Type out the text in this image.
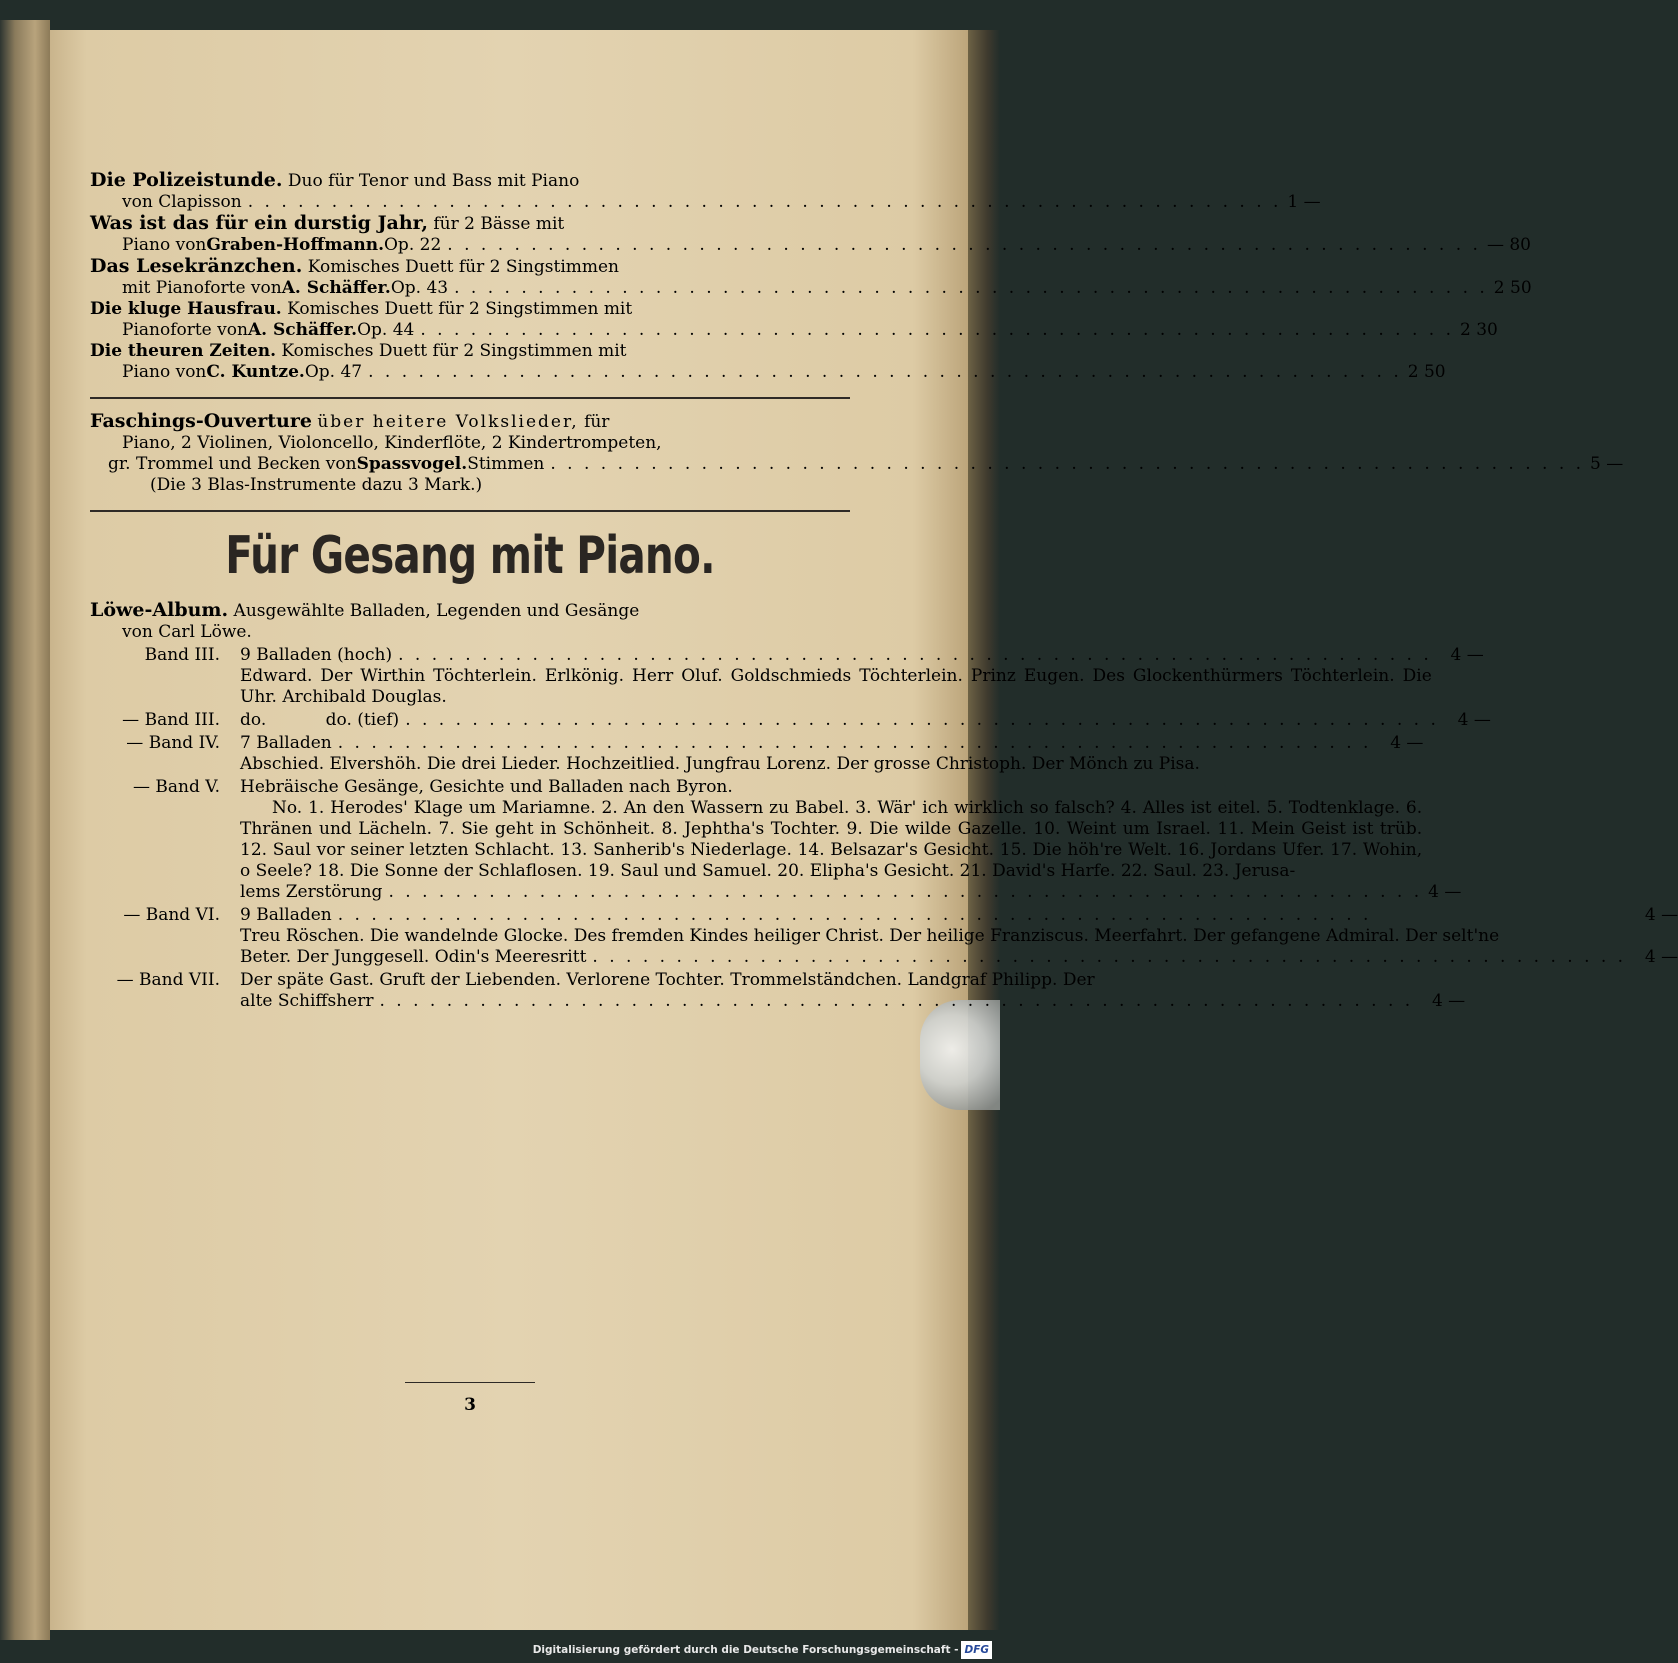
Die Polizeistunde.
Duo für Tenor und Bass mit Piano
von Clapisson . . .	1 —
Was ist das für ein durstig Jahr,
für 2 Bässe mit
Piano von Graben-Hoffmann. Op. 22 . . .	— 80
Das Lesekränzchen.
Komisches Duett für 2 Singstimmen
mit Pianoforte von A. Schäffer. Op. 43 . . .	2 50
Die kluge Hausfrau.
Komisches Duett für 2 Singstimmen mit
Pianoforte von A. Schäffer. Op. 44 . . .	2 30
Die theuren Zeiten.
Komisches Duett für 2 Singstimmen mit
Piano von C. Kuntze. Op. 47 . . .	2 50
Faschings-Ouverture
über heitere Volkslieder,
für
Piano, 2 Violinen, Violoncello, Kinderflöte, 2 Kindertrompeten,
gr. Trommel und Becken von Spassvogel. Stimmen . . .	5 —
(Die 3 Blas-Instrumente dazu 3 Mark.)
Für Gesang mit Piano.
Löwe-Album.
Ausgewählte Balladen, Legenden und Gesänge
von Carl Löwe.
Band III.	9 Balladen (hoch) . . .	4 —
Edward. Der Wirthin Töchterlein. Erlkönig. Herr Oluf. Goldschmieds Töchterlein. Prinz Eugen. Des Glockenthürmers Töchterlein. Die Uhr. Archibald Douglas.
— Band III.	do.           do. (tief) . . .	4 —
— Band IV.	7 Balladen . . .	4 —
Abschied. Elvershöh. Die drei Lieder. Hochzeitlied. Jungfrau Lorenz. Der grosse Christoph. Der Mönch zu Pisa.
— Band V.	Hebräische Gesänge, Gesichte und Balladen nach Byron.
No. 1. Herodes' Klage um Mariamne. 2. An den Wassern zu Babel. 3. Wär' ich wirklich so falsch? 4. Alles ist eitel. 5. Todtenklage. 6. Thränen und Lächeln. 7. Sie geht in Schönheit. 8. Jephtha's Tochter. 9. Die wilde Gazelle. 10. Weint um Israel. 11. Mein Geist ist trüb. 12. Saul vor seiner letzten Schlacht. 13. Sanherib's Niederlage. 14. Belsazar's Gesicht. 15. Die höh're Welt. 16. Jordans Ufer. 17. Wohin, o Seele? 18. Die Sonne der Schlaflosen. 19. Saul und Samuel. 20. Elipha's Gesicht. 21. David's Harfe. 22. Saul. 23. Jerusa-
lems Zerstörung . . .	4 —
— Band VI.	9 Balladen . . .	4 —
Treu Röschen. Die wandelnde Glocke. Des fremden Kindes heiliger Christ. Der heilige Franziscus. Meerfahrt. Der gefangene Admiral. Der selt'ne
Beter. Der Junggesell. Odin's Meeresritt . . .	4 —
— Band VII.	Der späte Gast. Gruft der Liebenden. Verlorene Tochter. Trommelständchen. Landgraf Philipp. Der
alte Schiffsherr . . .	4 —
3
Digitalisierung gefördert durch die Deutsche Forschungsgemeinschaft - DFG
